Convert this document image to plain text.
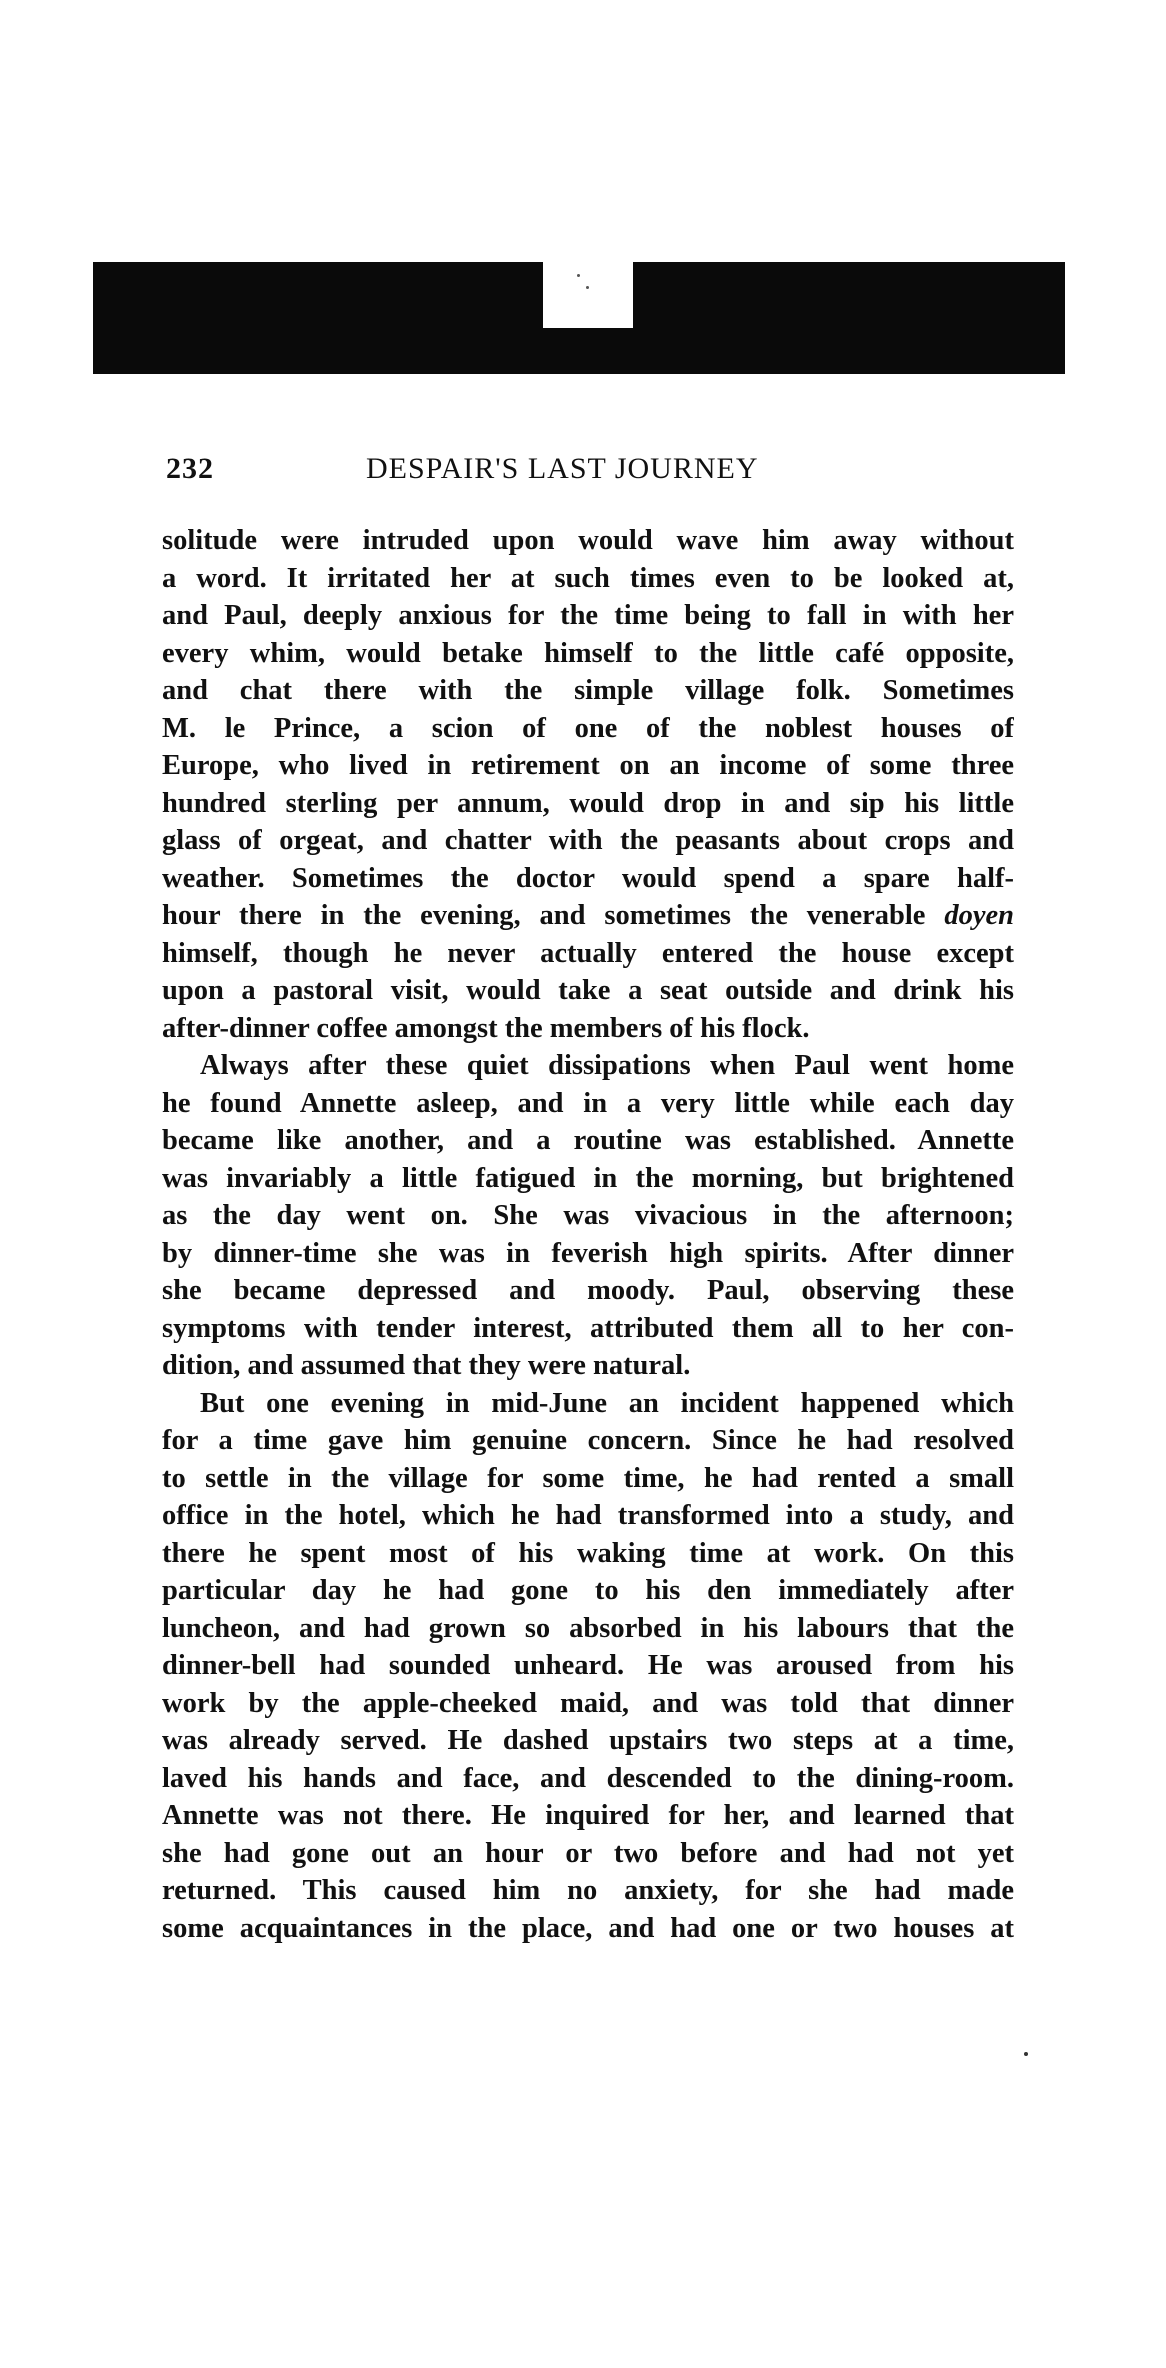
232	DESPAIR'S LAST JOURNEY
solitude were intruded upon would wave him away without
a word. It irritated her at such times even to be looked at,
and Paul, deeply anxious for the time being to fall in with her
every whim, would betake himself to the little café opposite,
and chat there with the simple village folk. Sometimes
M. le Prince, a scion of one of the noblest houses of
Europe, who lived in retirement on an income of some three
hundred sterling per annum, would drop in and sip his little
glass of orgeat, and chatter with the peasants about crops and
weather. Sometimes the doctor would spend a spare half-
hour there in the evening, and sometimes the venerable doyen
himself, though he never actually entered the house except
upon a pastoral visit, would take a seat outside and drink his
after-dinner coffee amongst the members of his flock.
Always after these quiet dissipations when Paul went home
he found Annette asleep, and in a very little while each day
became like another, and a routine was established. Annette
was invariably a little fatigued in the morning, but brightened
as the day went on. She was vivacious in the afternoon;
by dinner-time she was in feverish high spirits. After dinner
she became depressed and moody. Paul, observing these
symptoms with tender interest, attributed them all to her con-
dition, and assumed that they were natural.
But one evening in mid-June an incident happened which
for a time gave him genuine concern. Since he had resolved
to settle in the village for some time, he had rented a small
office in the hotel, which he had transformed into a study, and
there he spent most of his waking time at work. On this
particular day he had gone to his den immediately after
luncheon, and had grown so absorbed in his labours that the
dinner-bell had sounded unheard. He was aroused from his
work by the apple-cheeked maid, and was told that dinner
was already served. He dashed upstairs two steps at a time,
laved his hands and face, and descended to the dining-room.
Annette was not there. He inquired for her, and learned that
she had gone out an hour or two before and had not yet
returned. This caused him no anxiety, for she had made
some acquaintances in the place, and had one or two houses at
